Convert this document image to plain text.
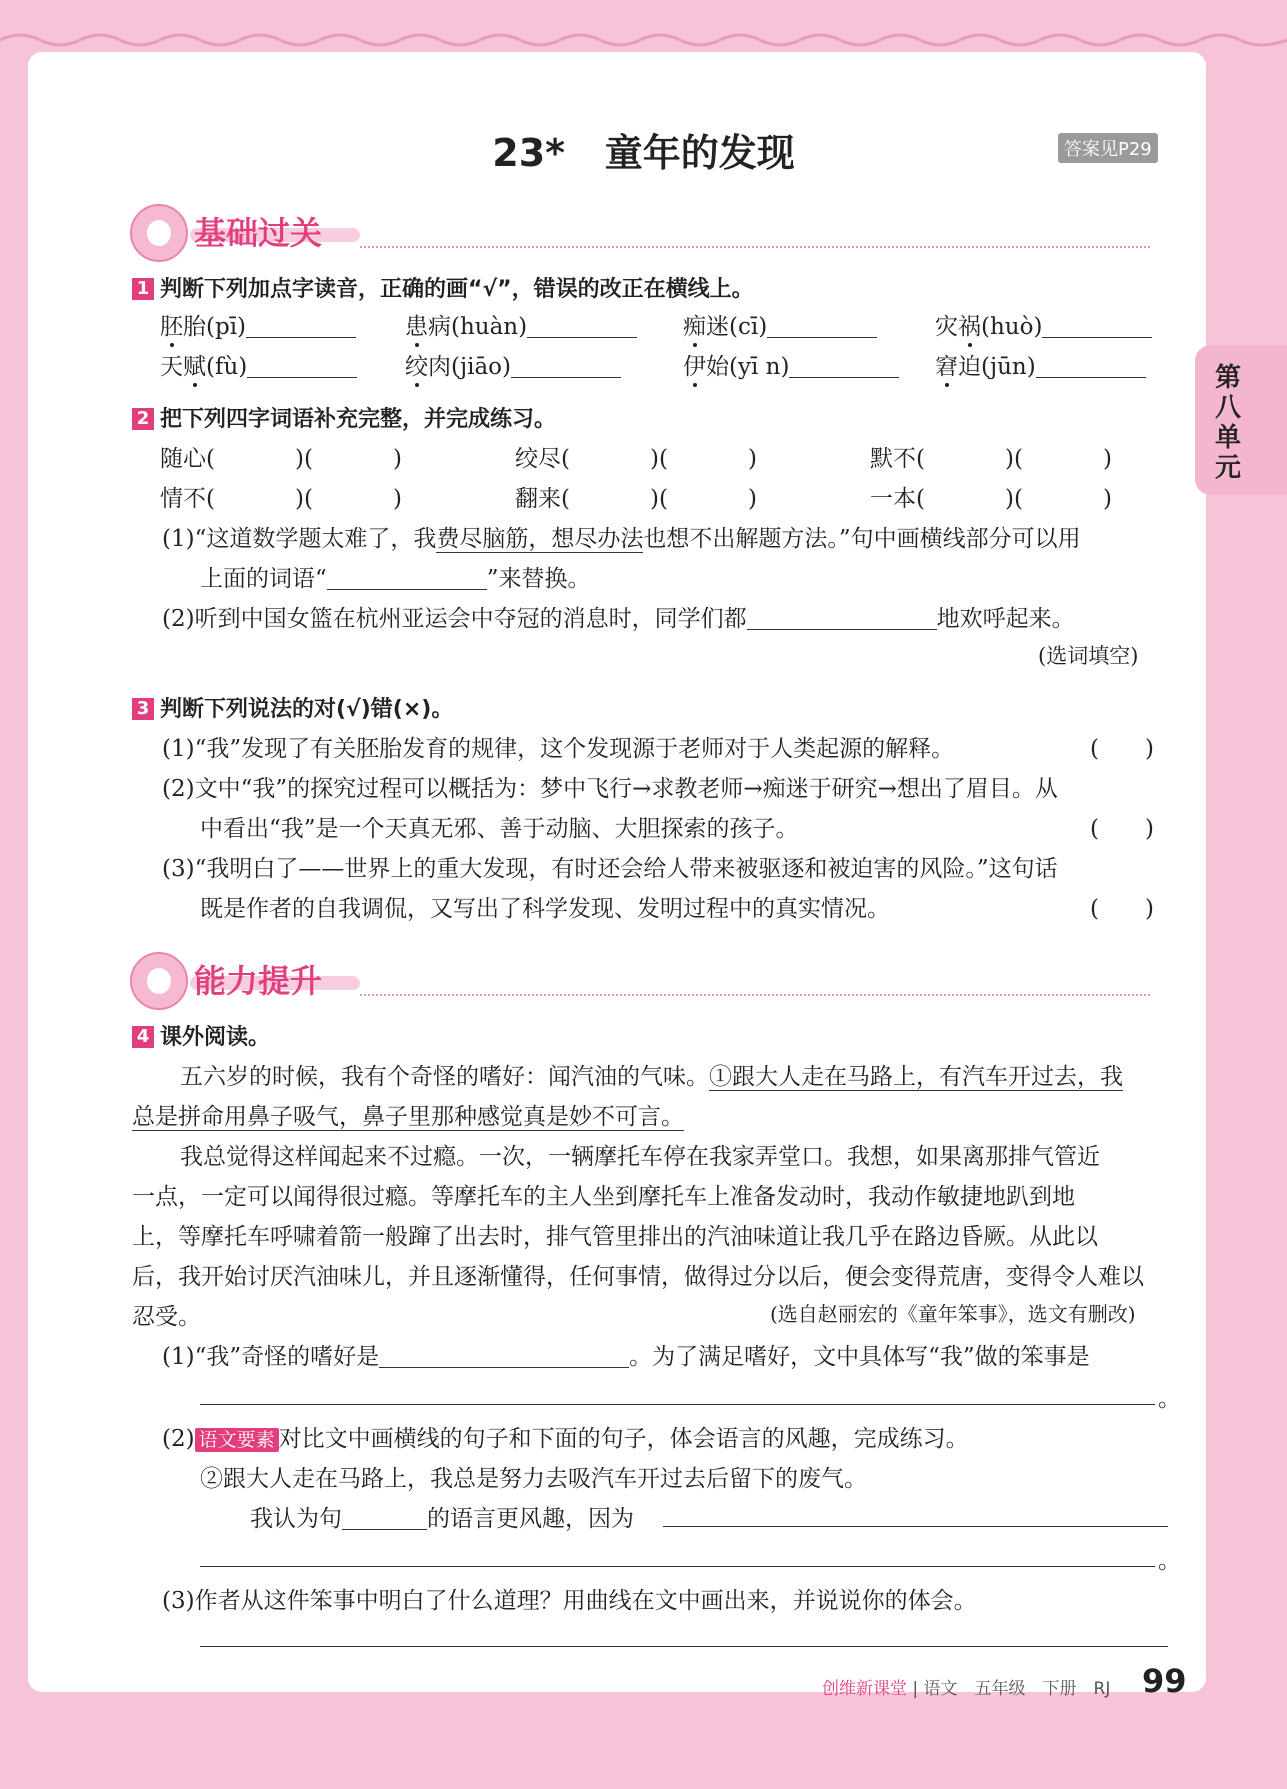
第八单元
23* 童年的发现	答案见P29
基础过关
1 判断下列加点字读音，正确的画“√”，错误的改正在横线上。
胚胎(pī)	患病(huàn)	痴迷(cī)	灾祸(huò)
天赋(fù)	绞肉(jiāo)	伊始(yī n)	窘迫(jūn)
2 把下列四字词语补充完整，并完成练习。
随心(	)(	)	绞尽(	)(	)	默不(	)(	)
情不(	)(	)	翻来(	)(	)	一本(	)(	)
(1)“这道数学题太难了，我费尽脑筋，想尽办法也想不出解题方法。”句中画横线部分可以用
上面的词语“	”来替换。
(2)听到中国女篮在杭州亚运会中夺冠的消息时，同学们都	地欢呼起来。
(选词填空)
3 判断下列说法的对(√)错(×)。
(1)“我”发现了有关胚胎发育的规律，这个发现源于老师对于人类起源的解释。	(　　)
(2)文中“我”的探究过程可以概括为：梦中飞行→求教老师→痴迷于研究→想出了眉目。从
中看出“我”是一个天真无邪、善于动脑、大胆探索的孩子。	(　　)
(3)“我明白了——世界上的重大发现，有时还会给人带来被驱逐和被迫害的风险。”这句话
既是作者的自我调侃，又写出了科学发现、发明过程中的真实情况。	(　　)
能力提升
4 课外阅读。
五六岁的时候，我有个奇怪的嗜好：闻汽油的气味。①跟大人走在马路上，有汽车开过去，我
总是拼命用鼻子吸气，鼻子里那种感觉真是妙不可言。
我总觉得这样闻起来不过瘾。一次，一辆摩托车停在我家弄堂口。我想，如果离那排气管近
一点，一定可以闻得很过瘾。等摩托车的主人坐到摩托车上准备发动时，我动作敏捷地趴到地
上，等摩托车呼啸着箭一般蹿了出去时，排气管里排出的汽油味道让我几乎在路边昏厥。从此以
后，我开始讨厌汽油味儿，并且逐渐懂得，任何事情，做得过分以后，便会变得荒唐，变得令人难以
忍受。	(选自赵丽宏的《童年笨事》，选文有删改)
(1)“我”奇怪的嗜好是	。为了满足嗜好，文中具体写“我”做的笨事是
。
(2) 语文要素 对比文中画横线的句子和下面的句子，体会语言的风趣，完成练习。
②跟大人走在马路上，我总是努力去吸汽车开过去后留下的废气。
我认为句	的语言更风趣，因为
。
(3)作者从这件笨事中明白了什么道理？用曲线在文中画出来，并说说你的体会。
创维新课堂 | 语文　五年级　下册　RJ 99
